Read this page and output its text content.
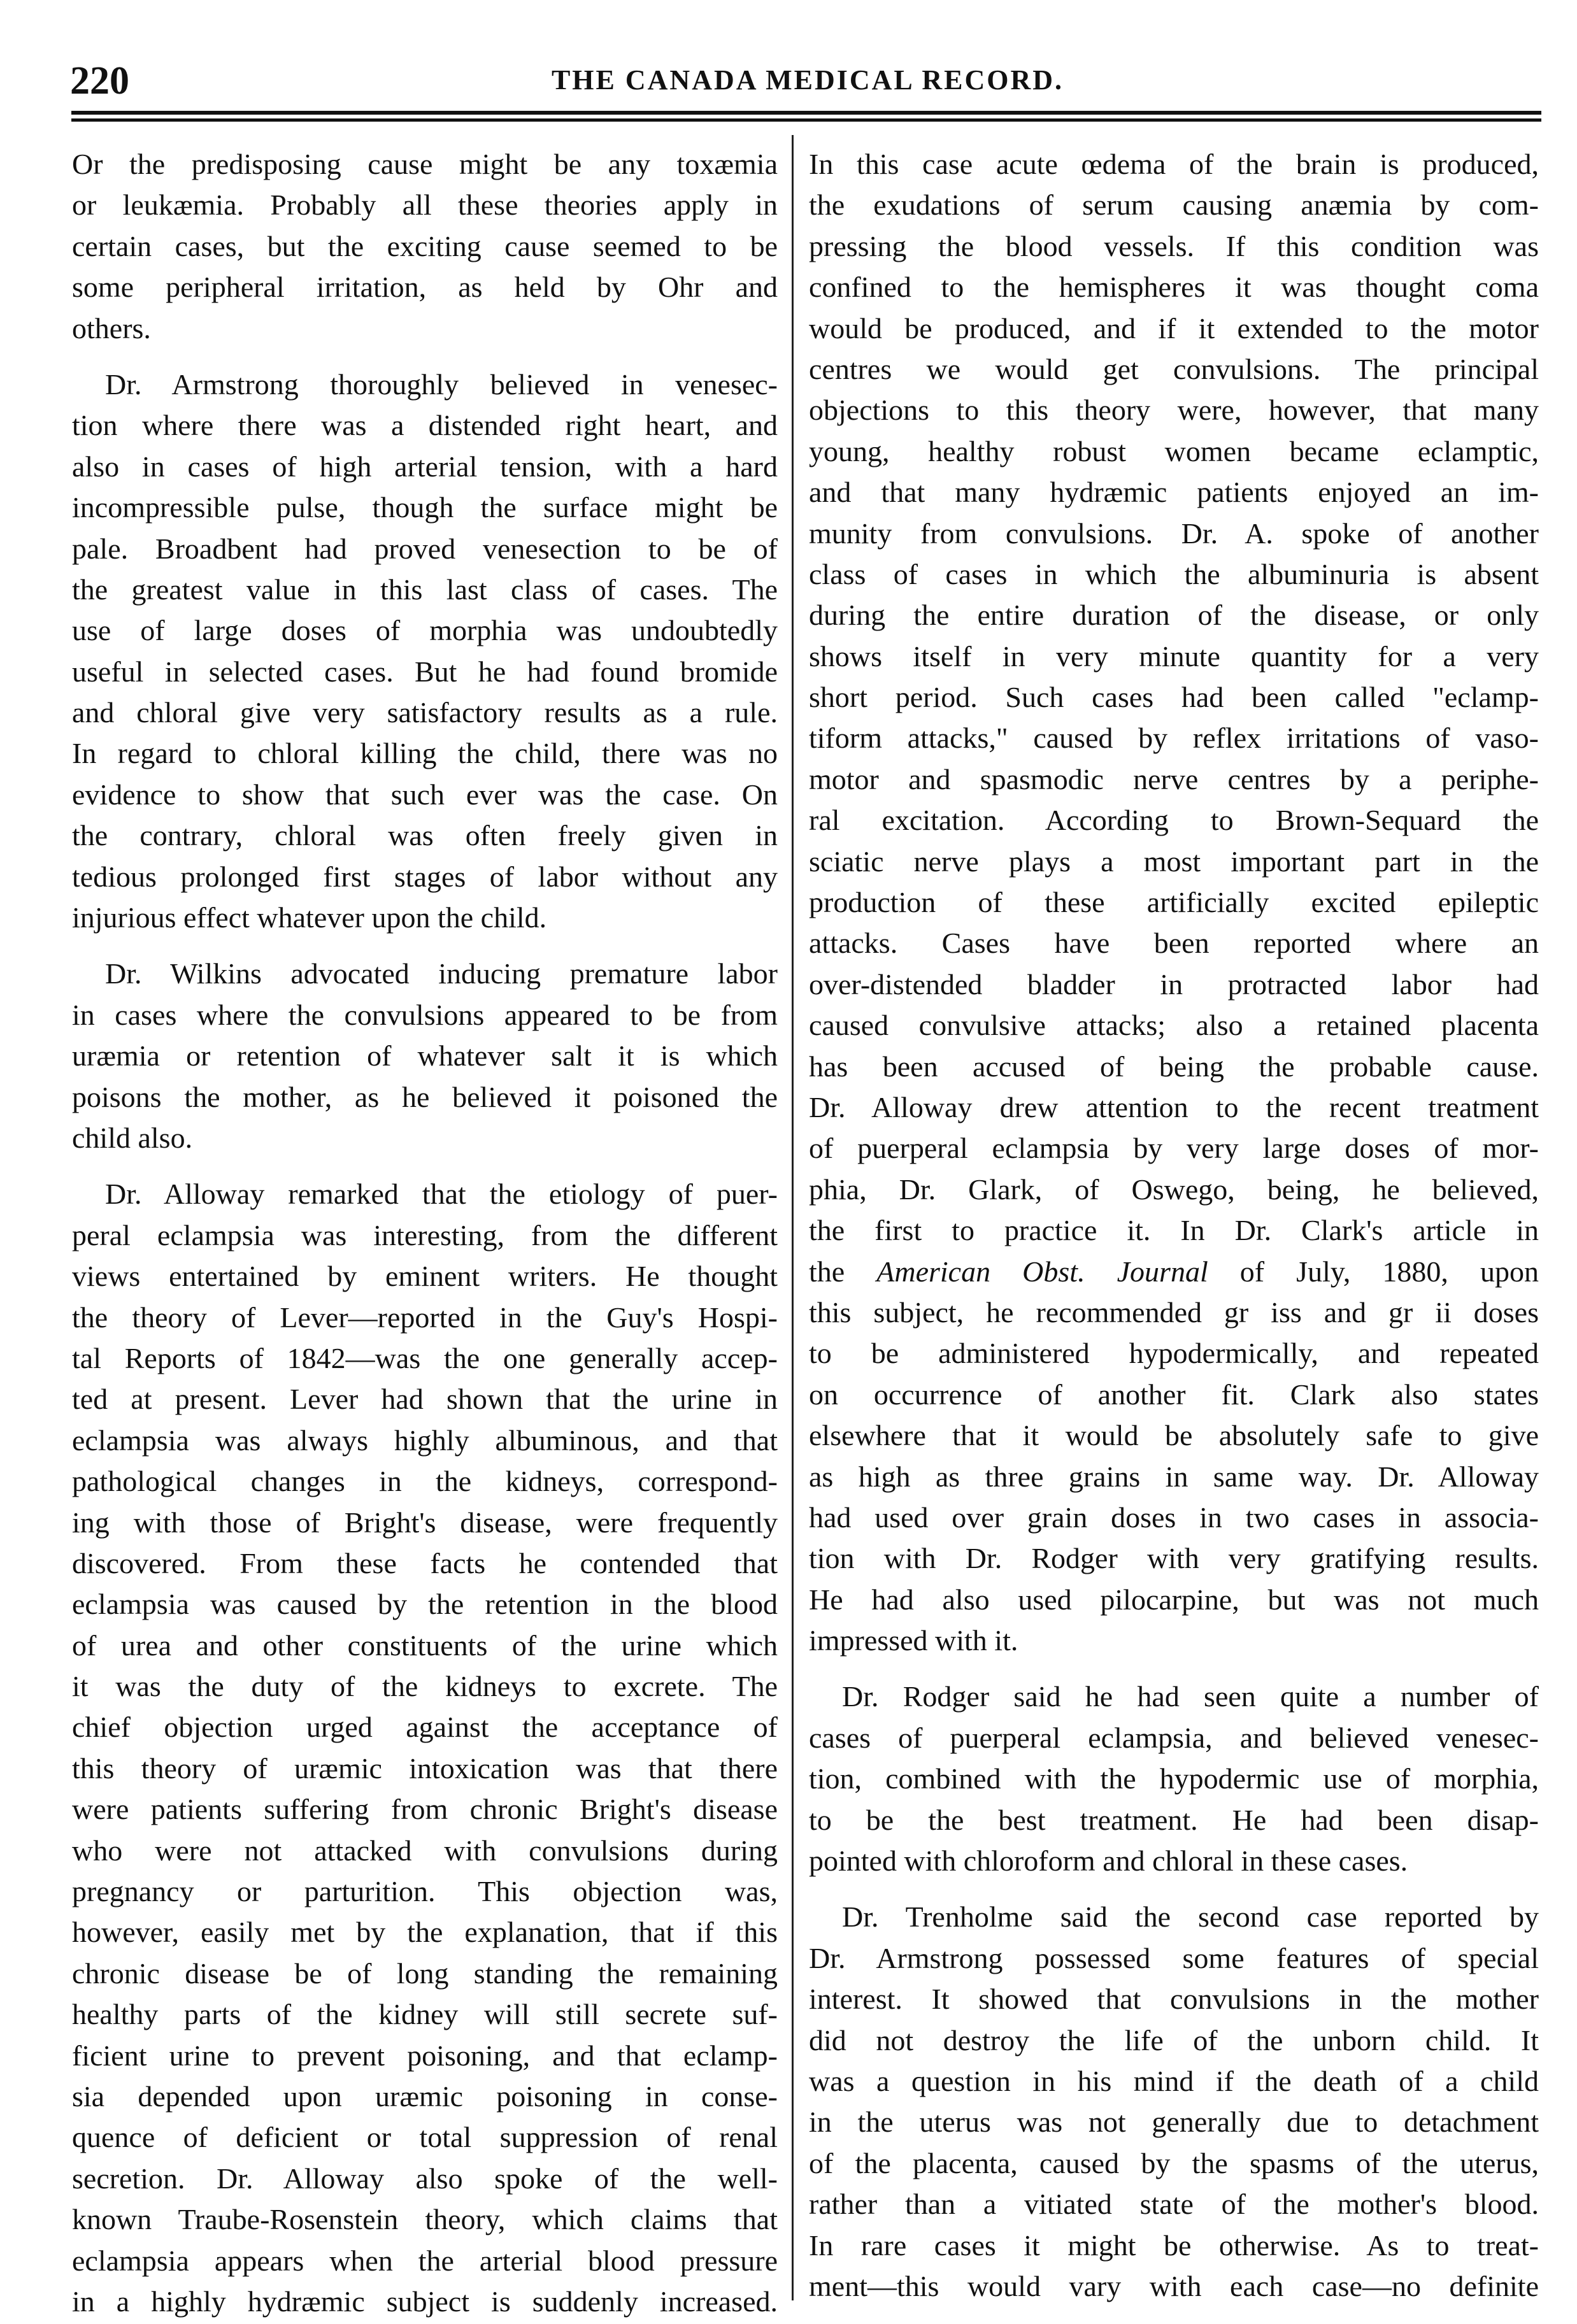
220	THE CANADA MEDICAL RECORD.
Or the predisposing cause might be any toxæmia
or leukæmia. Probably all these theories apply in
certain cases, but the exciting cause seemed to be
some peripheral irritation, as held by Ohr and
others.
Dr. Armstrong thoroughly believed in venesec-
tion where there was a distended right heart, and
also in cases of high arterial tension, with a hard
incompressible pulse, though the surface might be
pale. Broadbent had proved venesection to be of
the greatest value in this last class of cases. The
use of large doses of morphia was undoubtedly
useful in selected cases. But he had found bromide
and chloral give very satisfactory results as a rule.
In regard to chloral killing the child, there was no
evidence to show that such ever was the case. On
the contrary, chloral was often freely given in
tedious prolonged first stages of labor without any
injurious effect whatever upon the child.
Dr. Wilkins advocated inducing premature labor
in cases where the convulsions appeared to be from
uræmia or retention of whatever salt it is which
poisons the mother, as he believed it poisoned the
child also.
Dr. Alloway remarked that the etiology of puer-
peral eclampsia was interesting, from the different
views entertained by eminent writers. He thought
the theory of Lever—reported in the Guy's Hospi-
tal Reports of 1842—was the one generally accep-
ted at present. Lever had shown that the urine in
eclampsia was always highly albuminous, and that
pathological changes in the kidneys, correspond-
ing with those of Bright's disease, were frequently
discovered. From these facts he contended that
eclampsia was caused by the retention in the blood
of urea and other constituents of the urine which
it was the duty of the kidneys to excrete. The
chief objection urged against the acceptance of
this theory of uræmic intoxication was that there
were patients suffering from chronic Bright's disease
who were not attacked with convulsions during
pregnancy or parturition. This objection was,
however, easily met by the explanation, that if this
chronic disease be of long standing the remaining
healthy parts of the kidney will still secrete suf-
ficient urine to prevent poisoning, and that eclamp-
sia depended upon uræmic poisoning in conse-
quence of deficient or total suppression of renal
secretion. Dr. Alloway also spoke of the well-
known Traube-Rosenstein theory, which claims that
eclampsia appears when the arterial blood pressure
in a highly hydræmic subject is suddenly increased.
In this case acute œdema of the brain is produced,
the exudations of serum causing anæmia by com-
pressing the blood vessels. If this condition was
confined to the hemispheres it was thought coma
would be produced, and if it extended to the motor
centres we would get convulsions. The principal
objections to this theory were, however, that many
young, healthy robust women became eclamptic,
and that many hydræmic patients enjoyed an im-
munity from convulsions. Dr. A. spoke of another
class of cases in which the albuminuria is absent
during the entire duration of the disease, or only
shows itself in very minute quantity for a very
short period. Such cases had been called "eclamp-
tiform attacks," caused by reflex irritations of vaso-
motor and spasmodic nerve centres by a periphe-
ral excitation. According to Brown-Sequard the
sciatic nerve plays a most important part in the
production of these artificially excited epileptic
attacks. Cases have been reported where an
over-distended bladder in protracted labor had
caused convulsive attacks; also a retained placenta
has been accused of being the probable cause.
Dr. Alloway drew attention to the recent treatment
of puerperal eclampsia by very large doses of mor-
phia, Dr. Glark, of Oswego, being, he believed,
the first to practice it. In Dr. Clark's article in
the American Obst. Journal of July, 1880, upon
this subject, he recommended gr iss and gr ii doses
to be administered hypodermically, and repeated
on occurrence of another fit. Clark also states
elsewhere that it would be absolutely safe to give
as high as three grains in same way. Dr. Alloway
had used over grain doses in two cases in associa-
tion with Dr. Rodger with very gratifying results.
He had also used pilocarpine, but was not much
impressed with it.
Dr. Rodger said he had seen quite a number of
cases of puerperal eclampsia, and believed venesec-
tion, combined with the hypodermic use of morphia,
to be the best treatment. He had been disap-
pointed with chloroform and chloral in these cases.
Dr. Trenholme said the second case reported by
Dr. Armstrong possessed some features of special
interest. It showed that convulsions in the mother
did not destroy the life of the unborn child. It
was a question in his mind if the death of a child
in the uterus was not generally due to detachment
of the placenta, caused by the spasms of the uterus,
rather than a vitiated state of the mother's blood.
In rare cases it might be otherwise. As to treat-
ment—this would vary with each case—no definite
